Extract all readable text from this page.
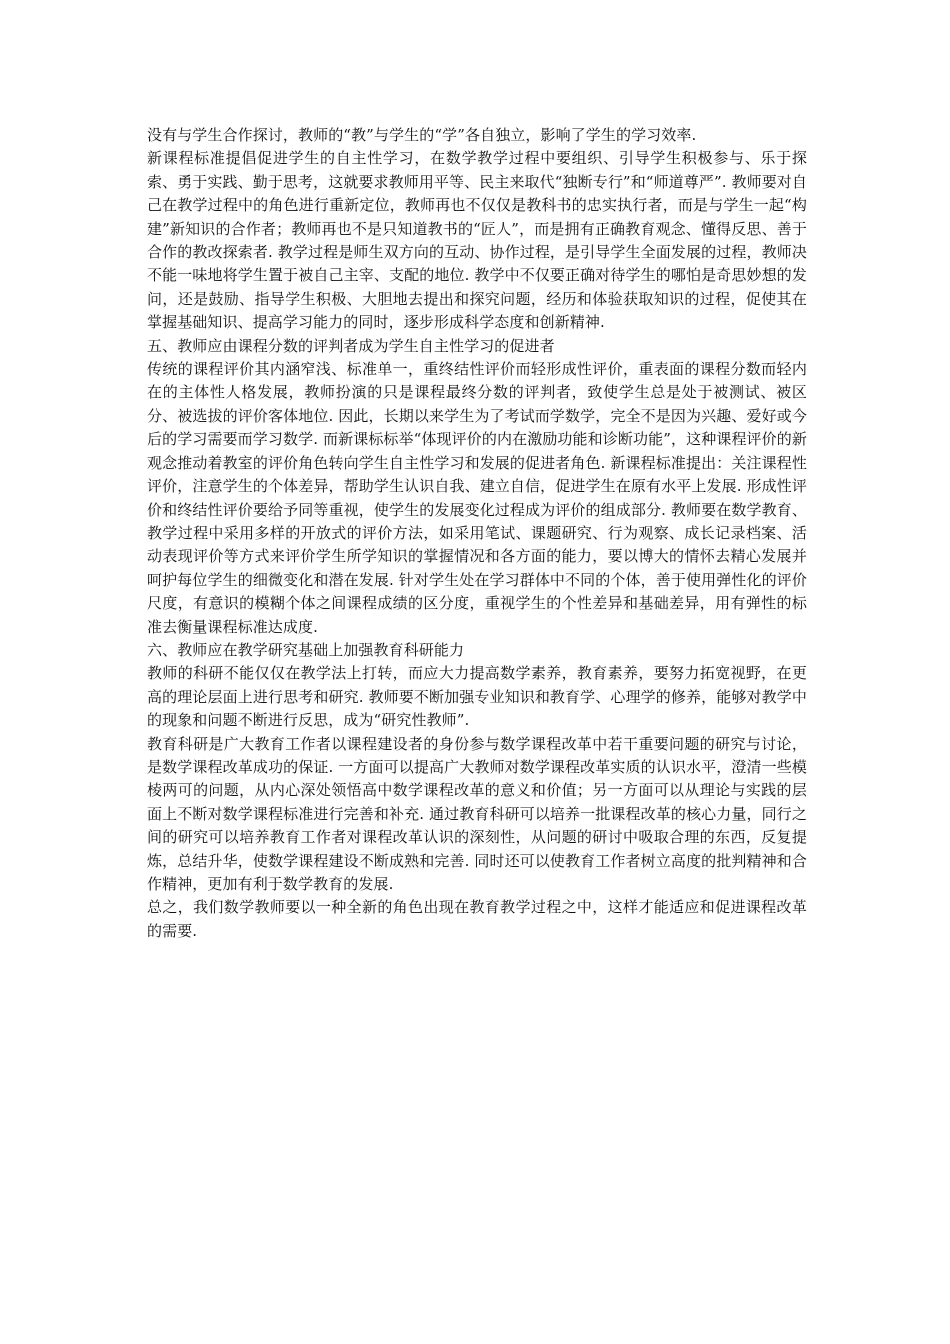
没有与学生合作探讨，教师的“教”与学生的“学”各自独立，影响了学生的学习效率.

新课程标准提倡促进学生的自主性学习，在数学教学过程中要组织、引导学生积极参与、乐于探索、勇于实践、勤于思考，这就要求教师用平等、民主来取代“独断专行”和“师道尊严”. 教师要对自己在教学过程中的角色进行重新定位，教师再也不仅仅是教科书的忠实执行者，而是与学生一起“构建”新知识的合作者；教师再也不是只知道教书的“匠人”，而是拥有正确教育观念、懂得反思、善于合作的教改探索者. 教学过程是师生双方向的互动、协作过程，是引导学生全面发展的过程，教师决不能一味地将学生置于被自己主宰、支配的地位. 教学中不仅要正确对待学生的哪怕是奇思妙想的发问，还是鼓励、指导学生积极、大胆地去提出和探究问题，经历和体验获取知识的过程，促使其在掌握基础知识、提高学习能力的同时，逐步形成科学态度和创新精神.

五、教师应由课程分数的评判者成为学生自主性学习的促进者

传统的课程评价其内涵窄浅、标准单一，重终结性评价而轻形成性评价，重表面的课程分数而轻内在的主体性人格发展，教师扮演的只是课程最终分数的评判者，致使学生总是处于被测试、被区分、被选拔的评价客体地位. 因此，长期以来学生为了考试而学数学，完全不是因为兴趣、爱好或今后的学习需要而学习数学. 而新课标标举“体现评价的内在激励功能和诊断功能”，这种课程评价的新观念推动着教室的评价角色转向学生自主性学习和发展的促进者角色. 新课程标准提出：关注课程性评价，注意学生的个体差异，帮助学生认识自我、建立自信，促进学生在原有水平上发展. 形成性评价和终结性评价要给予同等重视，使学生的发展变化过程成为评价的组成部分. 教师要在数学教育、教学过程中采用多样的开放式的评价方法，如采用笔试、课题研究、行为观察、成长记录档案、活动表现评价等方式来评价学生所学知识的掌握情况和各方面的能力，要以博大的情怀去精心发展并呵护每位学生的细微变化和潜在发展. 针对学生处在学习群体中不同的个体，善于使用弹性化的评价尺度，有意识的模糊个体之间课程成绩的区分度，重视学生的个性差异和基础差异，用有弹性的标准去衡量课程标准达成度.

六、教师应在教学研究基础上加强教育科研能力

教师的科研不能仅仅在教学法上打转，而应大力提高数学素养，教育素养，要努力拓宽视野，在更高的理论层面上进行思考和研究. 教师要不断加强专业知识和教育学、心理学的修养，能够对教学中的现象和问题不断进行反思，成为“研究性教师”.

教育科研是广大教育工作者以课程建设者的身份参与数学课程改革中若干重要问题的研究与讨论，是数学课程改革成功的保证. 一方面可以提高广大教师对数学课程改革实质的认识水平，澄清一些模棱两可的问题，从内心深处领悟高中数学课程改革的意义和价值；另一方面可以从理论与实践的层面上不断对数学课程标准进行完善和补充. 通过教育科研可以培养一批课程改革的核心力量，同行之间的研究可以培养教育工作者对课程改革认识的深刻性，从问题的研讨中吸取合理的东西，反复提炼，总结升华，使数学课程建设不断成熟和完善. 同时还可以使教育工作者树立高度的批判精神和合作精神，更加有利于数学教育的发展.

总之，我们数学教师要以一种全新的角色出现在教育教学过程之中，这样才能适应和促进课程改革的需要.
